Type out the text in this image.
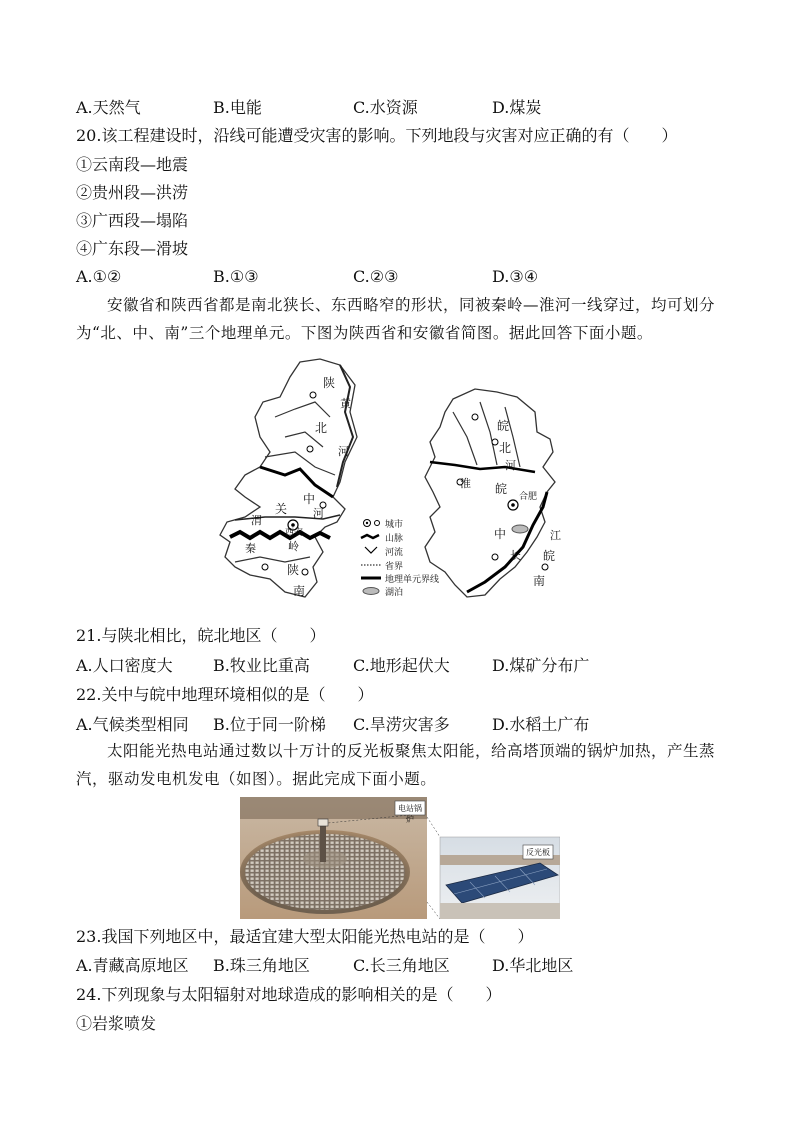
A.天然气	B.电能	C.水资源	D.煤炭
20.该工程建设时，沿线可能遭受灾害的影响。下列地段与灾害对应正确的有（　　）
①云南段—地震
②贵州段—洪涝
③广西段—塌陷
④广东段—滑坡
A.①②	B.①③	C.②③	D.③④
安徽省和陕西省都是南北狭长、东西略窄的形状，同被秦岭—淮河一线穿过，均可划分为“北、中、南”三个地理单元。下图为陕西省和安徽省简图。据此回答下面小题。
陕
北
黄
河
中
关
渭
河
西安
秦	岭
陕
南
皖
北
河
淮 皖
合肥
中	江
长 皖
南
城市
山脉
河流
省界
地理单元界线
湖泊
21.与陕北相比，皖北地区（　　）
A.人口密度大	B.牧业比重高	C.地形起伏大	D.煤矿分布广
22.关中与皖中地理环境相似的是（　　）
A.气候类型相同 B.位于同一阶梯 C.旱涝灾害多	D.水稻土广布
太阳能光热电站通过数以十万计的反光板聚焦太阳能，给高塔顶端的锅炉加热，产生蒸汽，驱动发电机发电（如图）。据此完成下面小题。
电站锅炉
反光板
23.我国下列地区中，最适宜建大型太阳能光热电站的是（　　）
A.青藏高原地区 B.珠三角地区	C.长三角地区	D.华北地区
24.下列现象与太阳辐射对地球造成的影响相关的是（　　）
①岩浆喷发
